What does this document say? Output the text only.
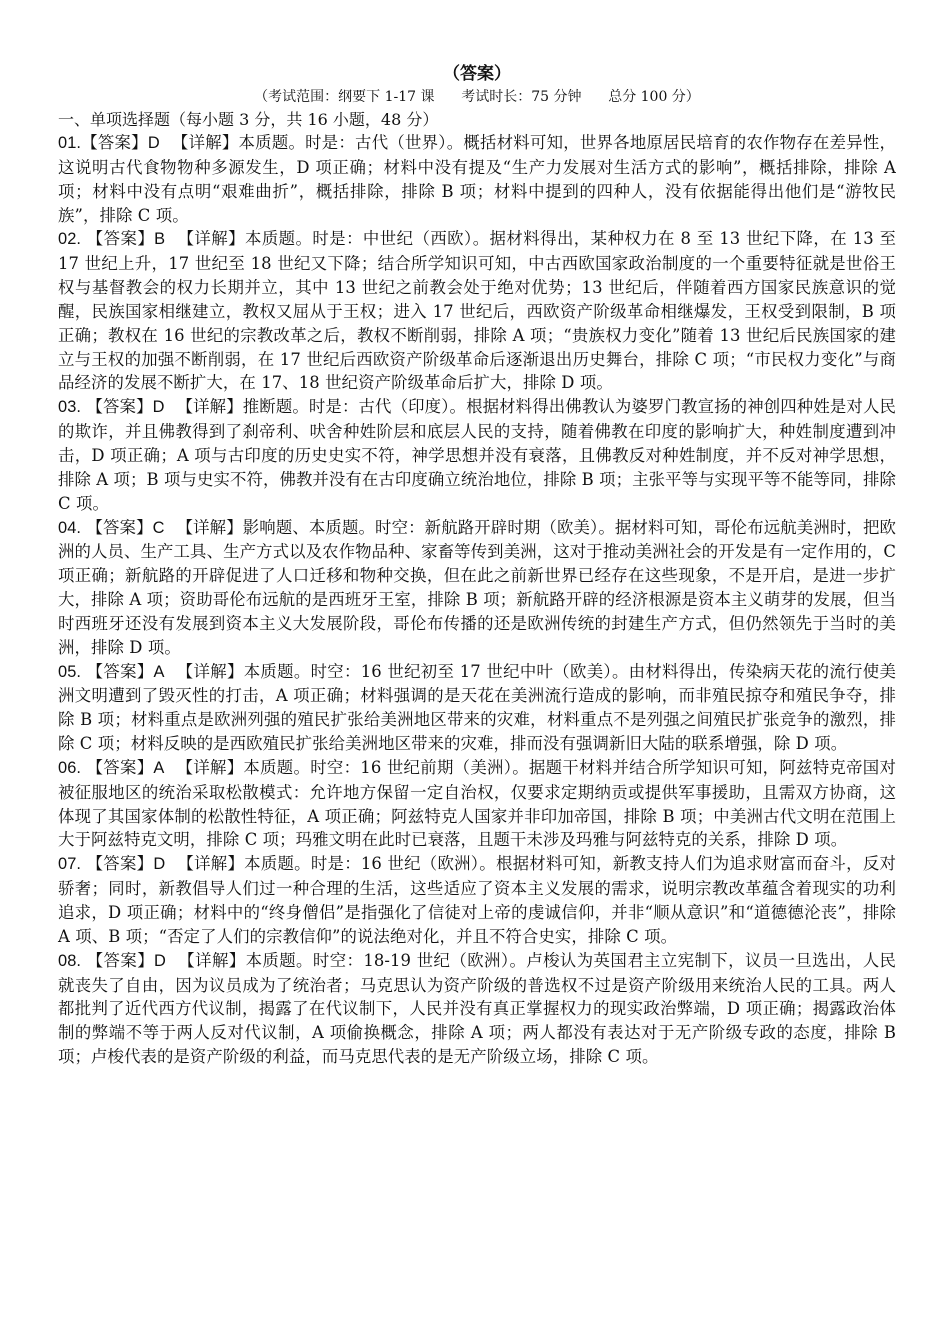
（答案）

（考试范围：纲要下 1-17 课      考试时长：75 分钟      总分 100 分）

一、单项选择题（每小题 3 分，共 16 小题，48 分）

01.【答案】D 【详解】本质题。时是：古代（世界）。概括材料可知，世界各地原居民培育的农作物存在差异性，这说明古代食物物种多源发生，D 项正确；材料中没有提及“生产力发展对生活方式的影响”，概括排除，排除 A 项；材料中没有点明“艰难曲折”，概括排除，排除 B 项；材料中提到的四种人，没有依据能得出他们是“游牧民族”，排除 C 项。

02. 【答案】B 【详解】本质题。时是：中世纪（西欧）。据材料得出，某种权力在 8 至 13 世纪下降，在 13 至 17 世纪上升，17 世纪至 18 世纪又下降；结合所学知识可知，中古西欧国家政治制度的一个重要特征就是世俗王权与基督教会的权力长期并立，其中 13 世纪之前教会处于绝对优势；13 世纪后，伴随着西方国家民族意识的觉醒，民族国家相继建立，教权又屈从于王权；进入 17 世纪后，西欧资产阶级革命相继爆发，王权受到限制，B 项正确；教权在 16 世纪的宗教改革之后，教权不断削弱，排除 A 项；“贵族权力变化”随着 13 世纪后民族国家的建立与王权的加强不断削弱，在 17 世纪后西欧资产阶级革命后逐渐退出历史舞台，排除 C 项；“市民权力变化”与商品经济的发展不断扩大，在 17、18 世纪资产阶级革命后扩大，排除 D 项。

03. 【答案】D 【详解】推断题。时是：古代（印度）。根据材料得出佛教认为婆罗门教宣扬的神创四种姓是对人民的欺诈，并且佛教得到了刹帝利、吠舍种姓阶层和底层人民的支持，随着佛教在印度的影响扩大，种姓制度遭到冲击，D 项正确；A 项与古印度的历史史实不符，神学思想并没有衰落，且佛教反对种姓制度，并不反对神学思想，排除 A 项；B 项与史实不符，佛教并没有在古印度确立统治地位，排除 B 项；主张平等与实现平等不能等同，排除 C 项。

04. 【答案】C 【详解】影响题、本质题。时空：新航路开辟时期（欧美）。据材料可知，哥伦布远航美洲时，把欧洲的人员、生产工具、生产方式以及农作物品种、家畜等传到美洲，这对于推动美洲社会的开发是有一定作用的，C 项正确；新航路的开辟促进了人口迁移和物种交换，但在此之前新世界已经存在这些现象，不是开启，是进一步扩大，排除 A 项；资助哥伦布远航的是西班牙王室，排除 B 项；新航路开辟的经济根源是资本主义萌芽的发展，但当时西班牙还没有发展到资本主义大发展阶段，哥伦布传播的还是欧洲传统的封建生产方式，但仍然领先于当时的美洲，排除 D 项。

05. 【答案】A 【详解】本质题。时空：16 世纪初至 17 世纪中叶（欧美）。由材料得出，传染病天花的流行使美洲文明遭到了毁灭性的打击，A 项正确；材料强调的是天花在美洲流行造成的影响，而非殖民掠夺和殖民争夺，排除 B 项；材料重点是欧洲列强的殖民扩张给美洲地区带来的灾难，材料重点不是列强之间殖民扩张竞争的激烈，排除 C 项；材料反映的是西欧殖民扩张给美洲地区带来的灾难，排而没有强调新旧大陆的联系增强，除 D 项。

06. 【答案】A 【详解】本质题。时空：16 世纪前期（美洲）。据题干材料并结合所学知识可知，阿兹特克帝国对被征服地区的统治采取松散模式：允许地方保留一定自治权，仅要求定期纳贡或提供军事援助，且需双方协商，这体现了其国家体制的松散性特征，A 项正确；阿兹特克人国家并非印加帝国，排除 B 项；中美洲古代文明在范围上大于阿兹特克文明，排除 C 项；玛雅文明在此时已衰落，且题干未涉及玛雅与阿兹特克的关系，排除 D 项。

07. 【答案】D 【详解】本质题。时是：16 世纪（欧洲）。根据材料可知，新教支持人们为追求财富而奋斗，反对骄奢；同时，新教倡导人们过一种合理的生活，这些适应了资本主义发展的需求，说明宗教改革蕴含着现实的功利追求，D 项正确；材料中的“终身僧侣”是指强化了信徒对上帝的虔诚信仰，并非“顺从意识”和“道德德沦丧”，排除 A 项、B 项；“否定了人们的宗教信仰”的说法绝对化，并且不符合史实，排除 C 项。

08. 【答案】D 【详解】本质题。时空：18-19 世纪（欧洲）。卢梭认为英国君主立宪制下，议员一旦选出，人民就丧失了自由，因为议员成为了统治者；马克思认为资产阶级的普选权不过是资产阶级用来统治人民的工具。两人都批判了近代西方代议制，揭露了在代议制下，人民并没有真正掌握权力的现实政治弊端，D 项正确；揭露政治体制的弊端不等于两人反对代议制，A 项偷换概念，排除 A 项；两人都没有表达对于无产阶级专政的态度，排除 B 项；卢梭代表的是资产阶级的利益，而马克思代表的是无产阶级立场，排除 C 项。
